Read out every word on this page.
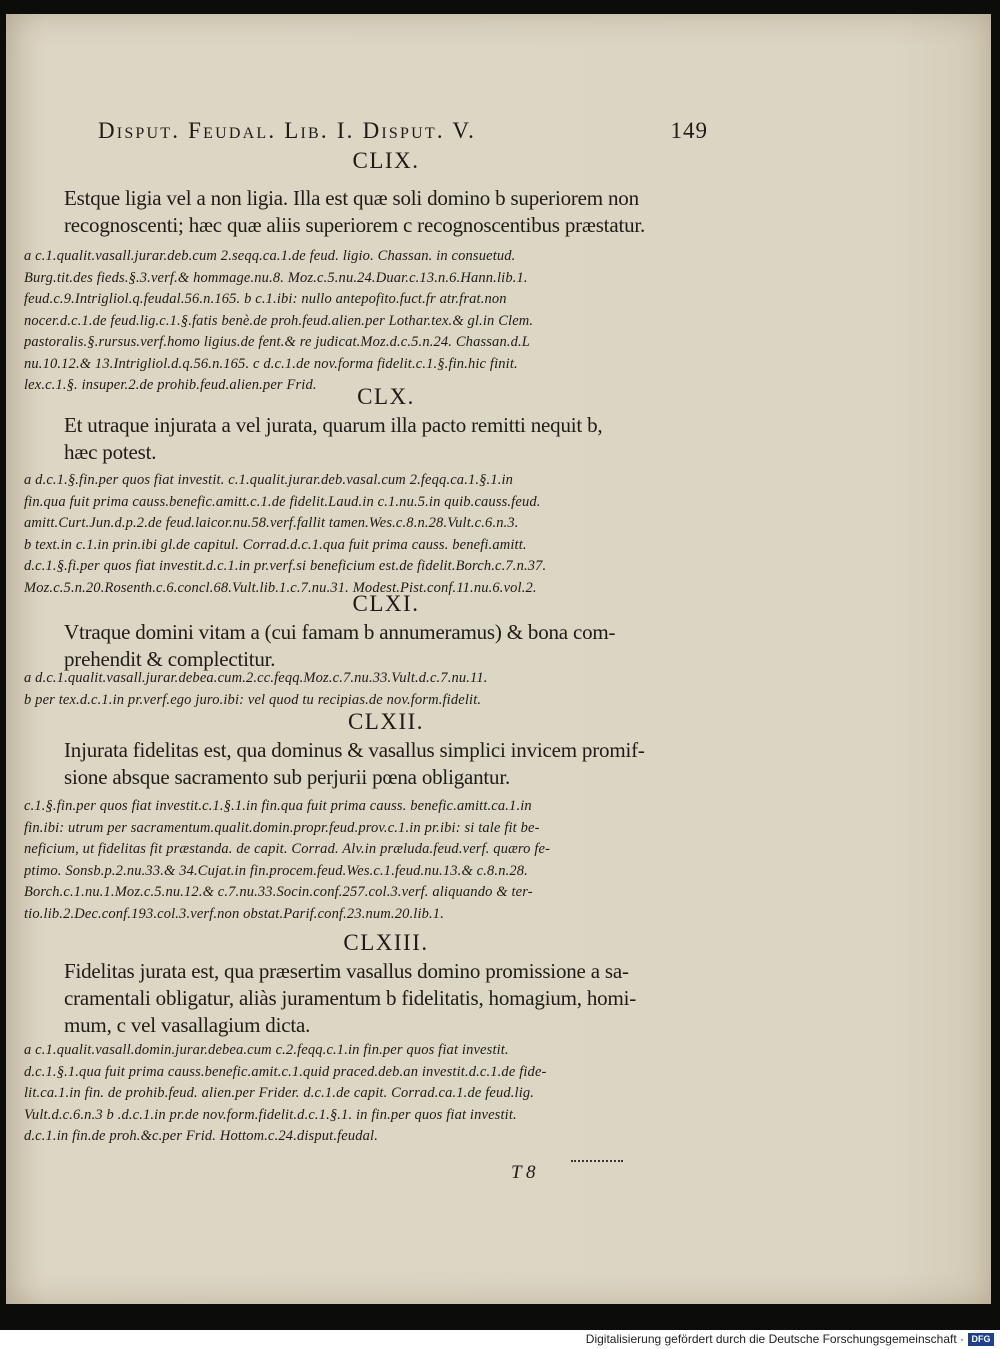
Disput. Feudal. Lib. I. Disput. V.	149
CLIX.
Estque ligia vel a non ligia. Illa est quæ soli domino b superiorem non
recognoscenti; hæc quæ aliis superiorem c recognoscentibus præstatur.
a c.1.qualit.vasall.jurar.deb.cum 2.seqq.ca.1.de feud. ligio. Chassan. in consuetud.
Burg.tit.des fieds.§.3.verf.& hommage.nu.8. Moz.c.5.nu.24.Duar.c.13.n.6.Hann.lib.1.
feud.c.9.Intrigliol.q.feudal.56.n.165. b c.1.ibi: nullo antepofito.fuct.fr atr.frat.non
nocer.d.c.1.de feud.lig.c.1.§.fatis benè.de proh.feud.alien.per Lothar.tex.& gl.in Clem.
pastoralis.§.rursus.verf.homo ligius.de fent.& re judicat.Moz.d.c.5.n.24. Chassan.d.L
nu.10.12.& 13.Intrigliol.d.q.56.n.165. c d.c.1.de nov.forma fidelit.c.1.§.fin.hic finit.
lex.c.1.§. insuper.2.de prohib.feud.alien.per Frid.	CLX.
Et utraque injurata a vel jurata, quarum illa pacto remitti nequit b,
hæc potest.
a d.c.1.§.fin.per quos fiat investit. c.1.qualit.jurar.deb.vasal.cum 2.feqq.ca.1.§.1.in
fin.qua fuit prima causs.benefic.amitt.c.1.de fidelit.Laud.in c.1.nu.5.in quib.causs.feud.
amitt.Curt.Jun.d.p.2.de feud.laicor.nu.58.verf.fallit tamen.Wes.c.8.n.28.Vult.c.6.n.3.
b text.in c.1.in prin.ibi gl.de capitul. Corrad.d.c.1.qua fuit prima causs. benefi.amitt.
d.c.1.§.fi.per quos fiat investit.d.c.1.in pr.verf.si beneficium est.de fidelit.Borch.c.7.n.37.
Moz.c.5.n.20.Rosenth.c.6.concl.68.Vult.lib.1.c.7.nu.31. Modest.Pist.conf.11.nu.6.vol.2.
CLXI.
Vtraque domini vitam a (cui famam b annumeramus) & bona com-
prehendit & complectitur.
a d.c.1.qualit.vasall.jurar.debea.cum.2.cc.feqq.Moz.c.7.nu.33.Vult.d.c.7.nu.11.
b per tex.d.c.1.in pr.verf.ego juro.ibi: vel quod tu recipias.de nov.form.fidelit.
CLXII.
Injurata fidelitas est, qua dominus & vasallus simplici invicem promif-
sione absque sacramento sub perjurii pœna obligantur.
c.1.§.fin.per quos fiat investit.c.1.§.1.in fin.qua fuit prima causs. benefic.amitt.ca.1.in
fin.ibi: utrum per sacramentum.qualit.domin.propr.feud.prov.c.1.in pr.ibi: si tale fit be-
neficium, ut fidelitas fit præstanda. de capit. Corrad. Alv.in præluda.feud.verf. quæro fe-
ptimo. Sonsb.p.2.nu.33.& 34.Cujat.in fin.procem.feud.Wes.c.1.feud.nu.13.& c.8.n.28.
Borch.c.1.nu.1.Moz.c.5.nu.12.& c.7.nu.33.Socin.conf.257.col.3.verf. aliquando & ter-
tio.lib.2.Dec.conf.193.col.3.verf.non obstat.Parif.conf.23.num.20.lib.1.
CLXIII.
Fidelitas jurata est, qua præsertim vasallus domino promissione a sa-
cramentali obligatur, aliàs juramentum b fidelitatis, homagium, homi-
mum, c vel vasallagium dicta.
a c.1.qualit.vasall.domin.jurar.debea.cum c.2.feqq.c.1.in fin.per quos fiat investit.
d.c.1.§.1.qua fuit prima causs.benefic.amit.c.1.quid praced.deb.an investit.d.c.1.de fide-
lit.ca.1.in fin. de prohib.feud. alien.per Frider. d.c.1.de capit. Corrad.ca.1.de feud.lig.
Vult.d.c.6.n.3 b .d.c.1.in pr.de nov.form.fidelit.d.c.1.§.1. in fin.per quos fiat investit.
d.c.1.in fin.de proh.&c.per Frid. Hottom.c.24.disput.feudal.
T 8
Digitalisierung gefördert durch die Deutsche Forschungsgemeinschaft · DFG
